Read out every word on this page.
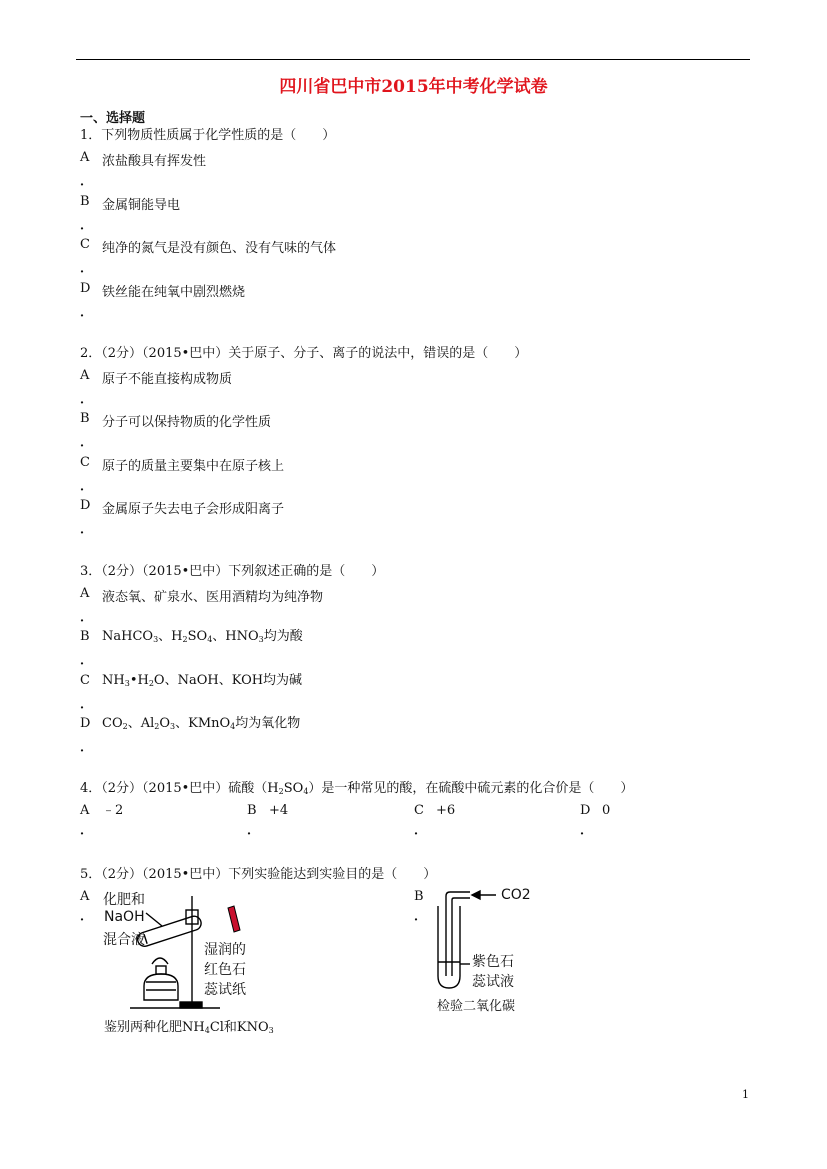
四川省巴中市2015年中考化学试卷
一、选择题
1．下列物质性质属于化学性质的是（　　）
A 浓盐酸具有挥发性
．
B 金属铜能导电
．
C 纯净的氮气是没有颜色、没有气味的气体
．
D 铁丝能在纯氧中剧烈燃烧
．
2．（2分）（2015•巴中）关于原子、分子、离子的说法中，错误的是（　　）
A 原子不能直接构成物质
．
B 分子可以保持物质的化学性质
．
C 原子的质量主要集中在原子核上
．
D 金属原子失去电子会形成阳离子
．
3．（2分）（2015•巴中）下列叙述正确的是（　　）
A 液态氧、矿泉水、医用酒精均为纯净物
．
B NaHCO$_3$、$H_2SO_4$、$HNO_3$均为酸
．
C $NH_3•H_2O$、NaOH、KOH均为碱
．
D $CO_2$、$Al_2O_3$、KMnO$_4$均为氧化物
．
4．（2分）（2015•巴中）硫酸$(H_2SO_4)$是一种常见的酸，在硫酸中硫元素的化合价是（　　）
A ﹣2
．
B +4
．
C +6
．
D 0
．
5．（2分）（2015•巴中）下列实验能达到实验目的是（　　）
A
．
B
．
化肥和
NaOH
混合液
湿润的
红色石
蕊试纸
鉴别两种化肥$NH_4Cl$和$KNO_3$
CO2
紫色石
蕊试液
检验二氧化碳
1
